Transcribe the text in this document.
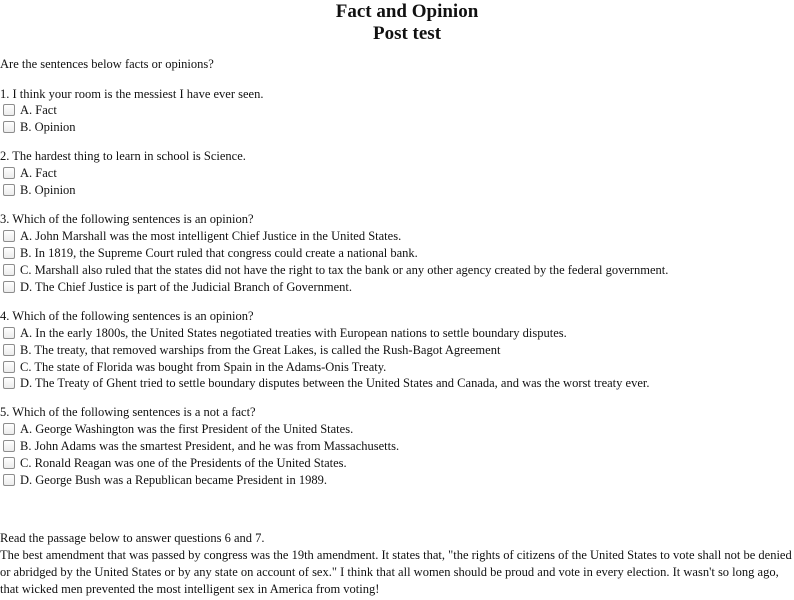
Fact and Opinion
Post test
Are the sentences below facts or opinions?
1. I think your room is the messiest I have ever seen.
A. Fact
B. Opinion
2. The hardest thing to learn in school is Science.
A. Fact
B. Opinion
3. Which of the following sentences is an opinion?
A. John Marshall was the most intelligent Chief Justice in the United States.
B. In 1819, the Supreme Court ruled that congress could create a national bank.
C. Marshall also ruled that the states did not have the right to tax the bank or any other agency created by the federal government.
D. The Chief Justice is part of the Judicial Branch of Government.
4. Which of the following sentences is an opinion?
A. In the early 1800s, the United States negotiated treaties with European nations to settle boundary disputes.
B. The treaty, that removed warships from the Great Lakes, is called the Rush-Bagot Agreement
C. The state of Florida was bought from Spain in the Adams-Onis Treaty.
D. The Treaty of Ghent tried to settle boundary disputes between the United States and Canada, and was the worst treaty ever.
5. Which of the following sentences is a not a fact?
A. George Washington was the first President of the United States.
B. John Adams was the smartest President, and he was from Massachusetts.
C. Ronald Reagan was one of the Presidents of the United States.
D. George Bush was a Republican became President in 1989.

Read the passage below to answer questions 6 and 7.

The best amendment that was passed by congress was the 19th amendment. It states that, "the rights of citizens of the United States to vote shall not be denied or abridged by the United States or by any state on account of sex." I think that all women should be proud and vote in every election. It wasn't so long ago, that wicked men prevented the most intelligent sex in America from voting!
